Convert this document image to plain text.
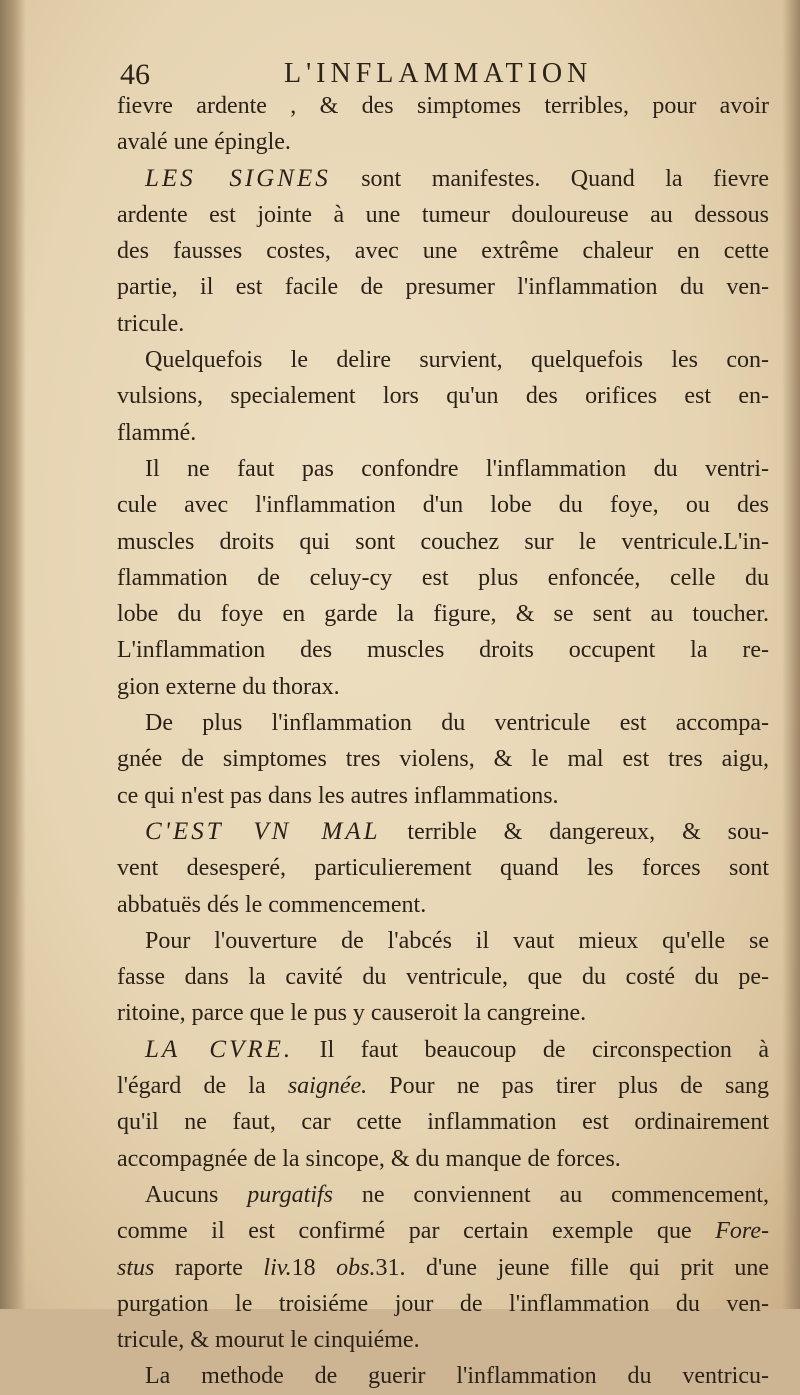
46	L'INFLAMMATION
fievre ardente , & des simptomes terribles, pour avoir
avalé une épingle.
LES SIGNES sont manifestes. Quand la fievre
ardente est jointe à une tumeur douloureuse au dessous
des fausses costes, avec une extrême chaleur en cette
partie, il est facile de presumer l'inflammation du ven-
tricule.
Quelquefois le delire survient, quelquefois les con-
vulsions, specialement lors qu'un des orifices est en-
flammé.
Il ne faut pas confondre l'inflammation du ventri-
cule avec l'inflammation d'un lobe du foye, ou des
muscles droits qui sont couchez sur le ventricule.L'in-
flammation de celuy-cy est plus enfoncée, celle du
lobe du foye en garde la figure, & se sent au toucher.
L'inflammation des muscles droits occupent la re-
gion externe du thorax.
De plus l'inflammation du ventricule est accompa-
gnée de simptomes tres violens, & le mal est tres aigu,
ce qui n'est pas dans les autres inflammations.
C'EST VN MAL terrible & dangereux, & sou-
vent desesperé, particulierement quand les forces sont
abbatuës dés le commencement.
Pour l'ouverture de l'abcés il vaut mieux qu'elle se
fasse dans la cavité du ventricule, que du costé du pe-
ritoine, parce que le pus y causeroit la cangreine.
LA CVRE. Il faut beaucoup de circonspection à
l'égard de la saignée. Pour ne pas tirer plus de sang
qu'il ne faut, car cette inflammation est ordinairement
accompagnée de la sincope, & du manque de forces.
Aucuns purgatifs ne conviennent au commencement,
comme il est confirmé par certain exemple que Fore-
stus raporte liv.18 obs.31. d'une jeune fille qui prit une
purgation le troisiéme jour de l'inflammation du ven-
tricule, & mourut le cinquiéme.
La methode de guerir l'inflammation du ventricu-
